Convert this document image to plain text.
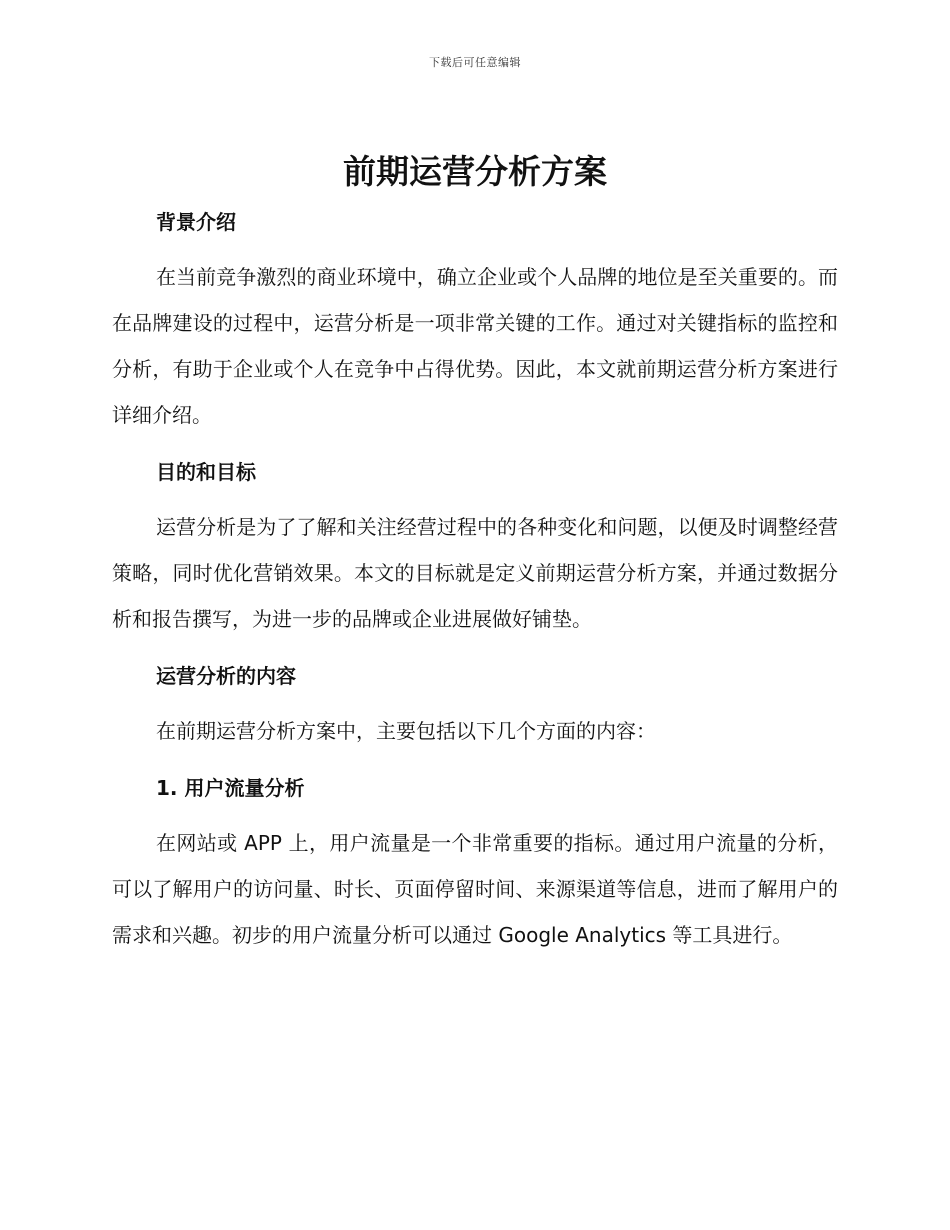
下载后可任意编辑
前期运营分析方案
背景介绍

在当前竞争激烈的商业环境中，确立企业或个人品牌的地位是至关重要的。而在品牌建设的过程中，运营分析是一项非常关键的工作。通过对关键指标的监控和分析，有助于企业或个人在竞争中占得优势。因此，本文就前期运营分析方案进行详细介绍。

目的和目标

运营分析是为了了解和关注经营过程中的各种变化和问题，以便及时调整经营策略，同时优化营销效果。本文的目标就是定义前期运营分析方案，并通过数据分析和报告撰写，为进一步的品牌或企业进展做好铺垫。

运营分析的内容

在前期运营分析方案中，主要包括以下几个方面的内容：

1. 用户流量分析

在网站或 APP 上，用户流量是一个非常重要的指标。通过用户流量的分析，可以了解用户的访问量、时长、页面停留时间、来源渠道等信息，进而了解用户的需求和兴趣。初步的用户流量分析可以通过 Google Analytics 等工具进行。
